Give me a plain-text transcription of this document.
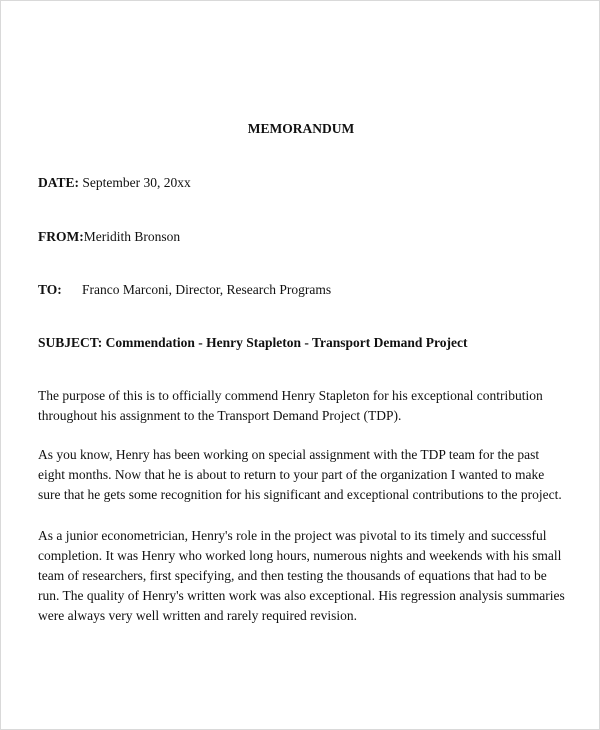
MEMORANDUM
DATE: September 30, 20xx
FROM:Meridith Bronson
TO: Franco Marconi, Director, Research Programs
SUBJECT: Commendation - Henry Stapleton - Transport Demand Project

The purpose of this is to officially commend Henry Stapleton for his exceptional contribution throughout his assignment to the Transport Demand Project (TDP).

As you know, Henry has been working on special assignment with the TDP team for the past eight months. Now that he is about to return to your part of the organization I wanted to make sure that he gets some recognition for his significant and exceptional contributions to the project.

As a junior econometrician, Henry's role in the project was pivotal to its timely and successful completion. It was Henry who worked long hours, numerous nights and weekends with his small team of researchers, first specifying, and then testing the thousands of equations that had to be run. The quality of Henry's written work was also exceptional. His regression analysis summaries were always very well written and rarely required revision.
